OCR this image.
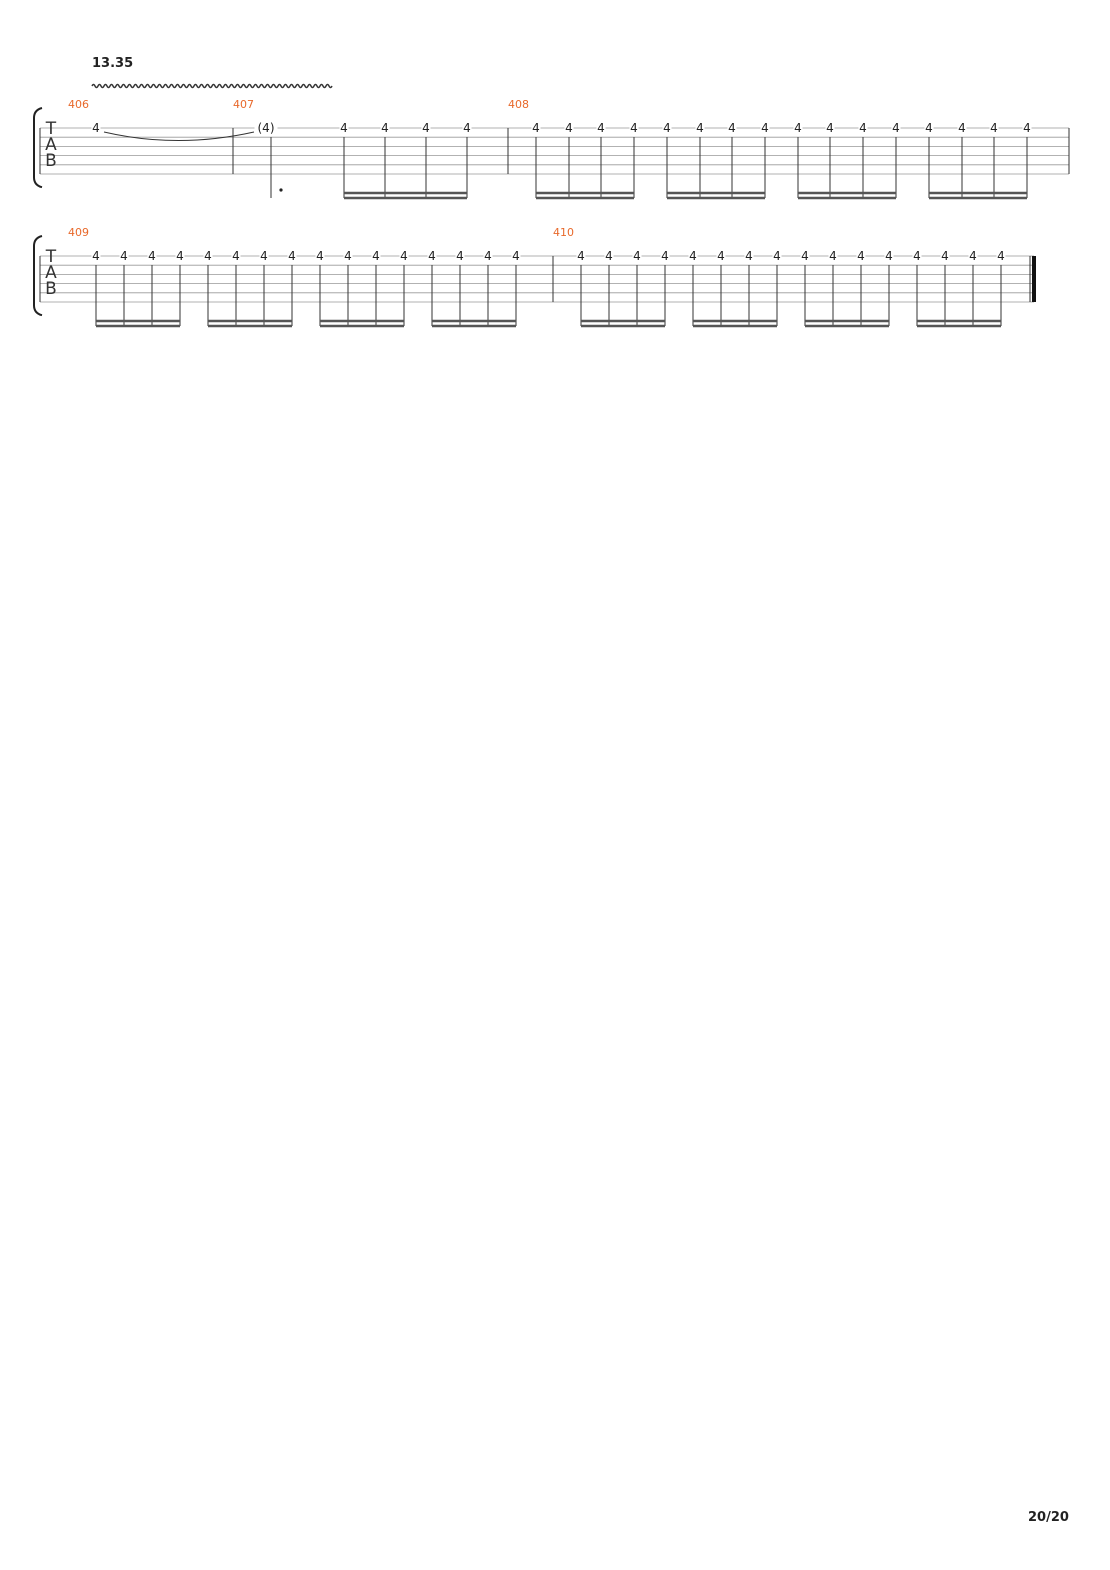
13.35
T
A
B
406
4
407
(4)	4	4	4	4
408
4 4 4 4 4 4 4 4 4 4 4 4 4 4 4 4
T
A
B
409
4 4 4 4 4 4 4 4 4 4 4 4 4 4 4 4
410
4 4 4 4 4 4 4 4 4 4 4 4 4 4 4 4
20/20
